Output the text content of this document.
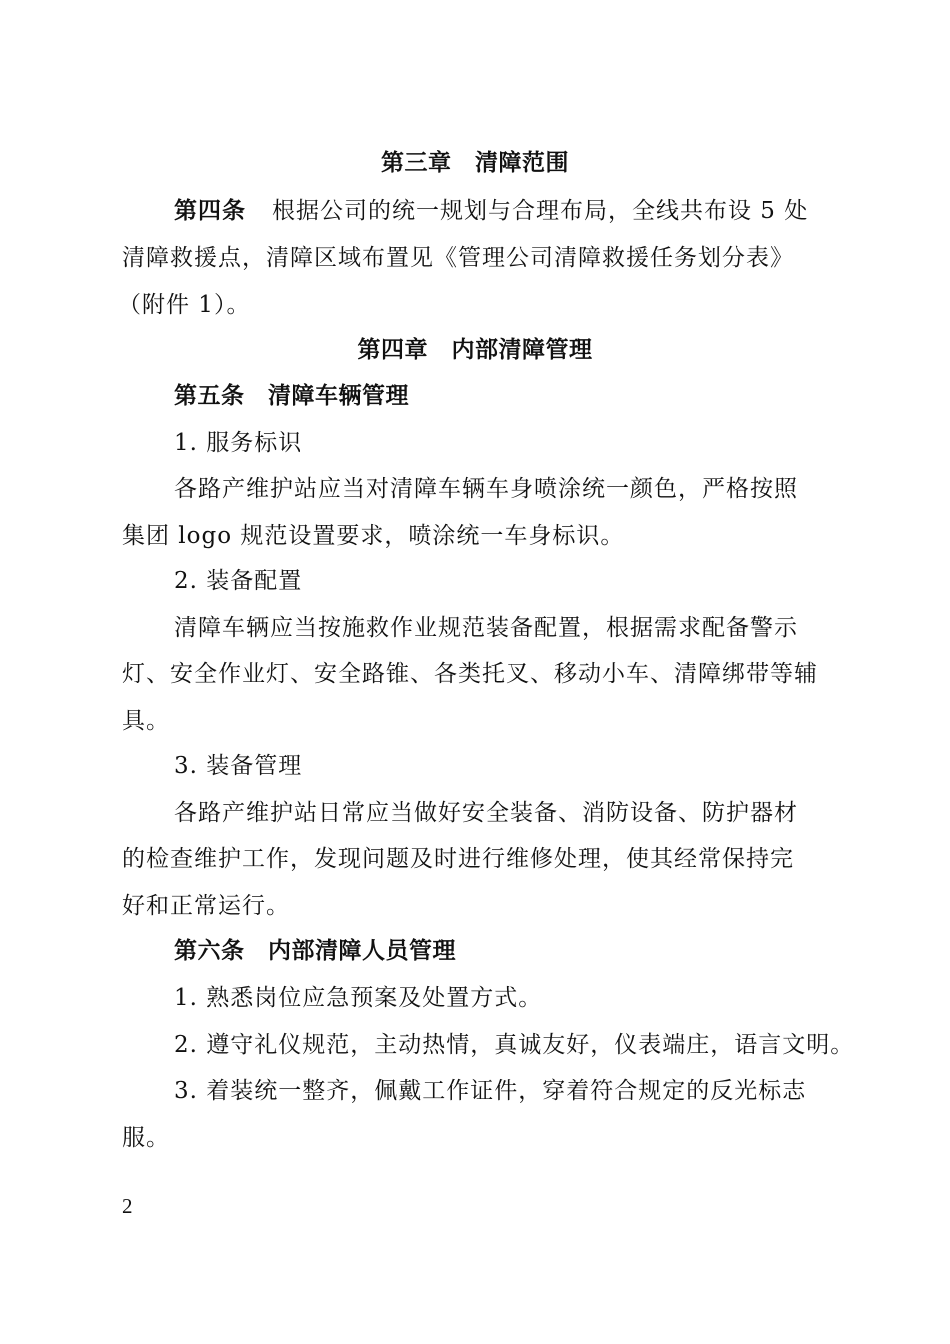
第三章　清障范围
第四条 根据公司的统一规划与合理布局，全线共布设 5 处
清障救援点，清障区域布置见《管理公司清障救援任务划分表》
（附件 1）。
第四章　内部清障管理
第五条　清障车辆管理
1. 服务标识
各路产维护站应当对清障车辆车身喷涂统一颜色，严格按照
集团 logo 规范设置要求，喷涂统一车身标识。
2. 装备配置
清障车辆应当按施救作业规范装备配置，根据需求配备警示
灯、安全作业灯、安全路锥、各类托叉、移动小车、清障绑带等辅
具。
3. 装备管理
各路产维护站日常应当做好安全装备、消防设备、防护器材
的检查维护工作，发现问题及时进行维修处理，使其经常保持完
好和正常运行。
第六条　内部清障人员管理
1. 熟悉岗位应急预案及处置方式。
2. 遵守礼仪规范，主动热情，真诚友好，仪表端庄，语言文明。
3. 着装统一整齐，佩戴工作证件，穿着符合规定的反光标志
服。
2
